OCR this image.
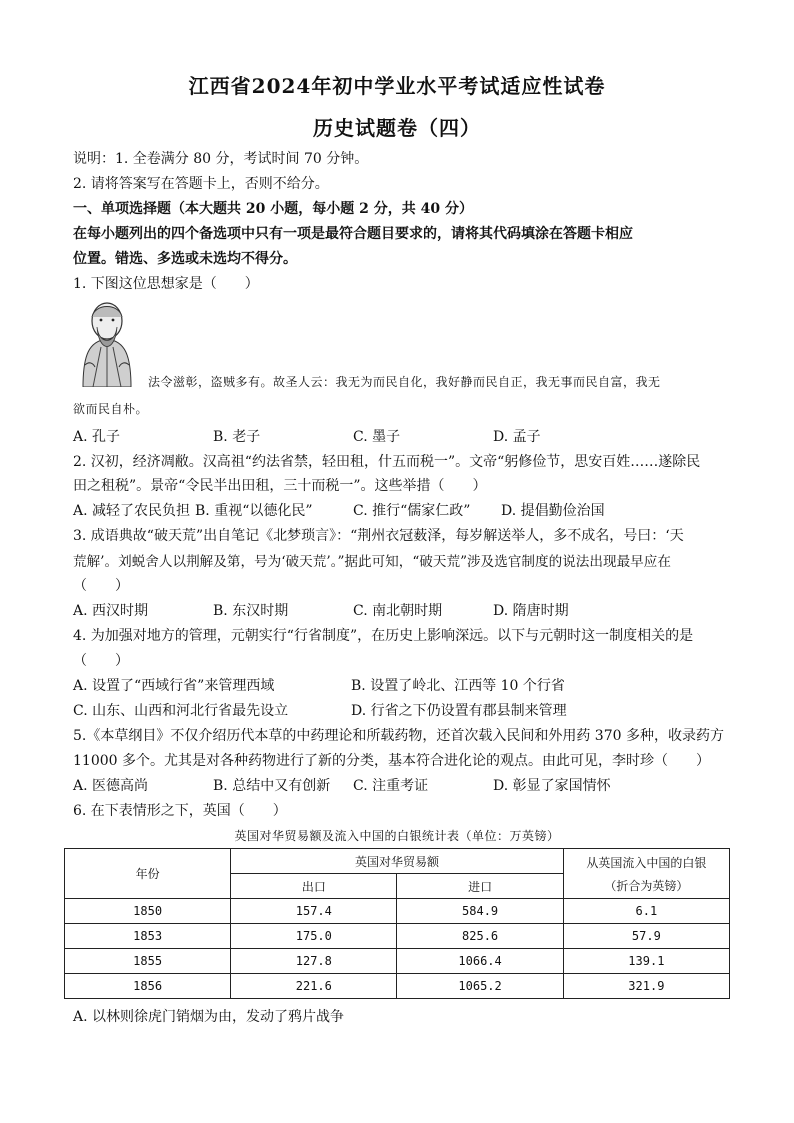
江西省2024年初中学业水平考试适应性试卷
历史试题卷（四）
说明：1. 全卷满分 80 分，考试时间 70 分钟。
2. 请将答案写在答题卡上，否则不给分。
一、单项选择题（本大题共 20 小题，每小题 2 分，共 40 分）
在每小题列出的四个备选项中只有一项是最符合题目要求的，请将其代码填涂在答题卡相应
位置。错选、多选或未选均不得分。
1. 下图这位思想家是（　　）
法令滋彰，盗贼多有。故圣人云：我无为而民自化，我好静而民自正，我无事而民自富，我无
欲而民自朴。
A. 孔子	B. 老子	C. 墨子	D. 孟子
2. 汉初，经济凋敝。汉高祖“约法省禁，轻田租，什五而税一”。文帝“躬修俭节，思安百姓……遂除民
田之租税”。景帝“令民半出田租，三十而税一”。这些举措（　　）
A. 减轻了农民负担 B. 重视“以德化民”	C. 推行“儒家仁政” D. 提倡勤俭治国
3. 成语典故“破天荒”出自笔记《北梦琐言》：“荆州衣冠薮泽，每岁解送举人，多不成名，号曰：‘天
荒解’。刘蜕舍人以荆解及第，号为‘破天荒’。”据此可知，“破天荒”涉及选官制度的说法出现最早应在
（　　）
A. 西汉时期	B. 东汉时期	C. 南北朝时期	D. 隋唐时期
4. 为加强对地方的管理，元朝实行“行省制度”，在历史上影响深远。以下与元朝时这一制度相关的是
（　　）
A. 设置了“西域行省”来管理西域	B. 设置了岭北、江西等 10 个行省
C. 山东、山西和河北行省最先设立	D. 行省之下仍设置有郡县制来管理
5.《本草纲目》不仅介绍历代本草的中药理论和所载药物，还首次载入民间和外用药 370 多种，收录药方
11000 多个。尤其是对各种药物进行了新的分类，基本符合进化论的观点。由此可见，李时珍（　　）
A. 医德高尚	B. 总结中又有创新 C. 注重考证	D. 彰显了家国情怀
6. 在下表情形之下，英国（　　）
英国对华贸易额及流入中国的白银统计表（单位：万英镑）
年份	英国对华贸易额		从英国流入中国的白银
（折合为英镑）

	出口	进口	
1850	157.4	584.9	6.1
1853	175.0	825.6	57.9
1855	127.8	1066.4	139.1
1856	221.6	1065.2	321.9
A. 以林则徐虎门销烟为由，发动了鸦片战争
